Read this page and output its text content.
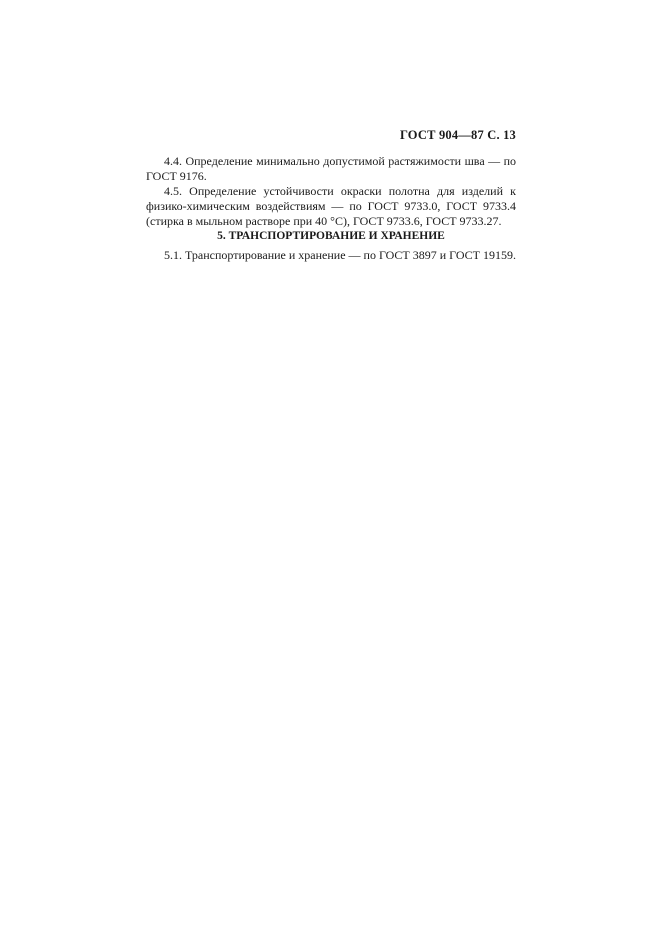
ГОСТ 904—87 С. 13

4.4. Определение минимально допустимой растяжимости шва — по ГОСТ 9176.

4.5. Определение устойчивости окраски полотна для изделий к физико-химическим воздействиям — по ГОСТ 9733.0, ГОСТ 9733.4 (стирка в мыльном растворе при 40 °С), ГОСТ 9733.6, ГОСТ 9733.27.

5. ТРАНСПОРТИРОВАНИЕ И ХРАНЕНИЕ

5.1. Транспортирование и хранение — по ГОСТ 3897 и ГОСТ 19159.
